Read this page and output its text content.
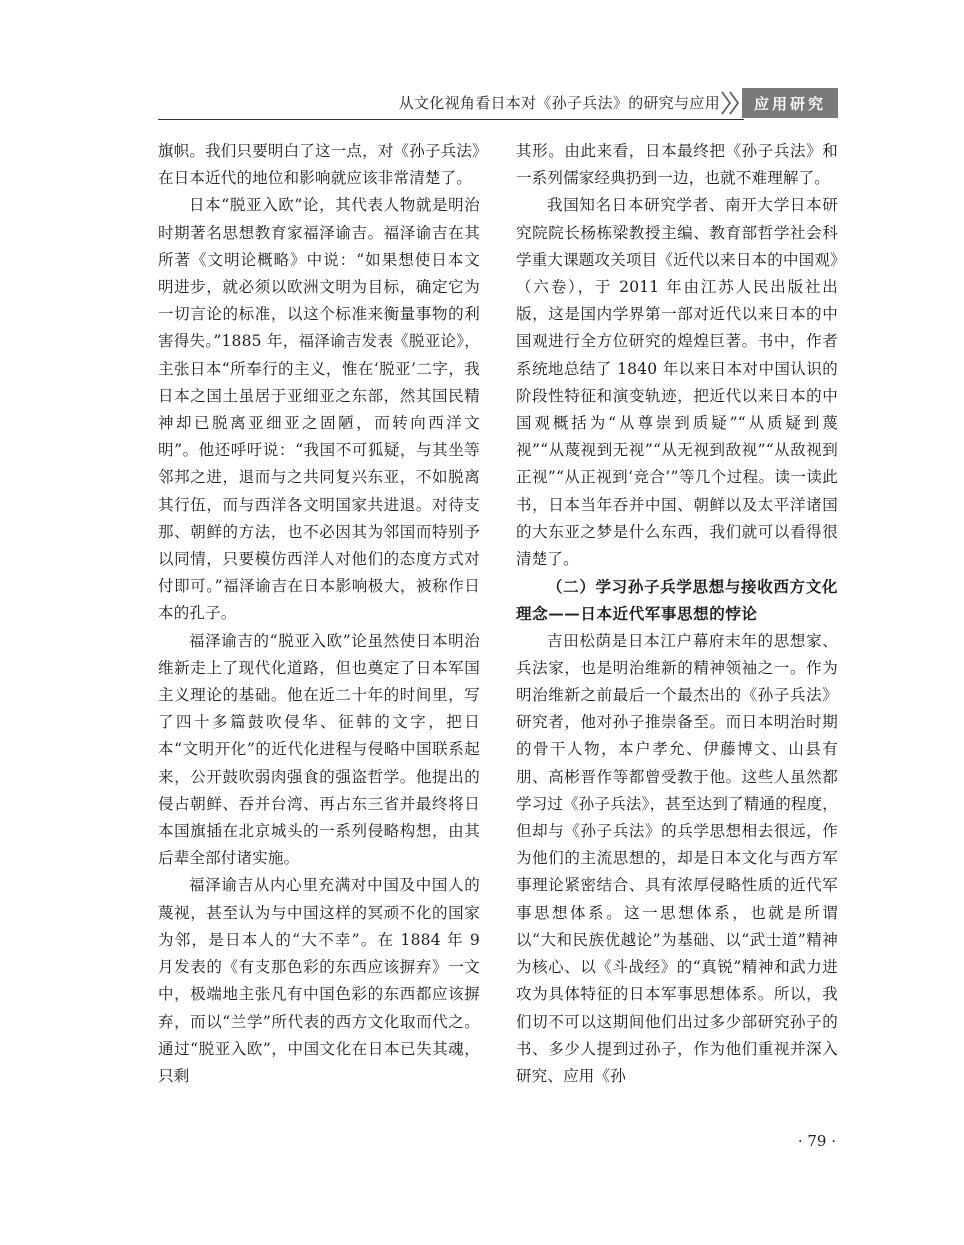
从文化视角看日本对《孙子兵法》的研究与应用	应用研究

旗帜。我们只要明白了这一点，对《孙子兵法》在日本近代的地位和影响就应该非常清楚了。

日本“脱亚入欧”论，其代表人物就是明治时期著名思想教育家福泽谕吉。福泽谕吉在其所著《文明论概略》中说：“如果想使日本文明进步，就必须以欧洲文明为目标，确定它为一切言论的标准，以这个标准来衡量事物的利害得失。”1885 年，福泽谕吉发表《脱亚论》，主张日本“所奉行的主义，惟在‘脱亚’二字，我日本之国土虽居于亚细亚之东部，然其国民精神却已脱离亚细亚之固陋，而转向西洋文明”。他还呼吁说：“我国不可狐疑，与其坐等邻邦之进，退而与之共同复兴东亚，不如脱离其行伍，而与西洋各文明国家共进退。对待支那、朝鲜的方法，也不必因其为邻国而特别予以同情，只要模仿西洋人对他们的态度方式对付即可。”福泽谕吉在日本影响极大，被称作日本的孔子。

福泽谕吉的“脱亚入欧”论虽然使日本明治维新走上了现代化道路，但也奠定了日本军国主义理论的基础。他在近二十年的时间里，写了四十多篇鼓吹侵华、征韩的文字，把日本“文明开化”的近代化进程与侵略中国联系起来，公开鼓吹弱肉强食的强盗哲学。他提出的侵占朝鲜、吞并台湾、再占东三省并最终将日本国旗插在北京城头的一系列侵略构想，由其后辈全部付诸实施。

福泽谕吉从内心里充满对中国及中国人的蔑视，甚至认为与中国这样的冥顽不化的国家为邻，是日本人的“大不幸”。在 1884 年 9 月发表的《有支那色彩的东西应该摒弃》一文中，极端地主张凡有中国色彩的东西都应该摒弃，而以“兰学”所代表的西方文化取而代之。通过“脱亚入欧”，中国文化在日本已失其魂，只剩

其形。由此来看，日本最终把《孙子兵法》和一系列儒家经典扔到一边，也就不难理解了。

我国知名日本研究学者、南开大学日本研究院院长杨栋梁教授主编、教育部哲学社会科学重大课题攻关项目《近代以来日本的中国观》（六卷），于 2011 年由江苏人民出版社出版，这是国内学界第一部对近代以来日本的中国观进行全方位研究的煌煌巨著。书中，作者系统地总结了 1840 年以来日本对中国认识的阶段性特征和演变轨迹，把近代以来日本的中国观概括为“从尊崇到质疑”“从质疑到蔑视”“从蔑视到无视”“从无视到敌视”“从敌视到正视”“从正视到‘竞合’”等几个过程。读一读此书，日本当年吞并中国、朝鲜以及太平洋诸国的大东亚之梦是什么东西，我们就可以看得很清楚了。

（二）学习孙子兵学思想与接收西方文化理念——日本近代军事思想的悖论

吉田松荫是日本江户幕府末年的思想家、兵法家，也是明治维新的精神领袖之一。作为明治维新之前最后一个最杰出的《孙子兵法》研究者，他对孙子推崇备至。而日本明治时期的骨干人物，本户孝允、伊藤博文、山县有朋、高彬晋作等都曾受教于他。这些人虽然都学习过《孙子兵法》，甚至达到了精通的程度，但却与《孙子兵法》的兵学思想相去很远，作为他们的主流思想的，却是日本文化与西方军事理论紧密结合、具有浓厚侵略性质的近代军事思想体系。这一思想体系，也就是所谓以“大和民族优越论”为基础、以“武士道”精神为核心、以《斗战经》的“真锐”精神和武力进攻为具体特征的日本军事思想体系。所以，我们切不可以这期间他们出过多少部研究孙子的书、多少人提到过孙子，作为他们重视并深入研究、应用《孙

· 79 ·
